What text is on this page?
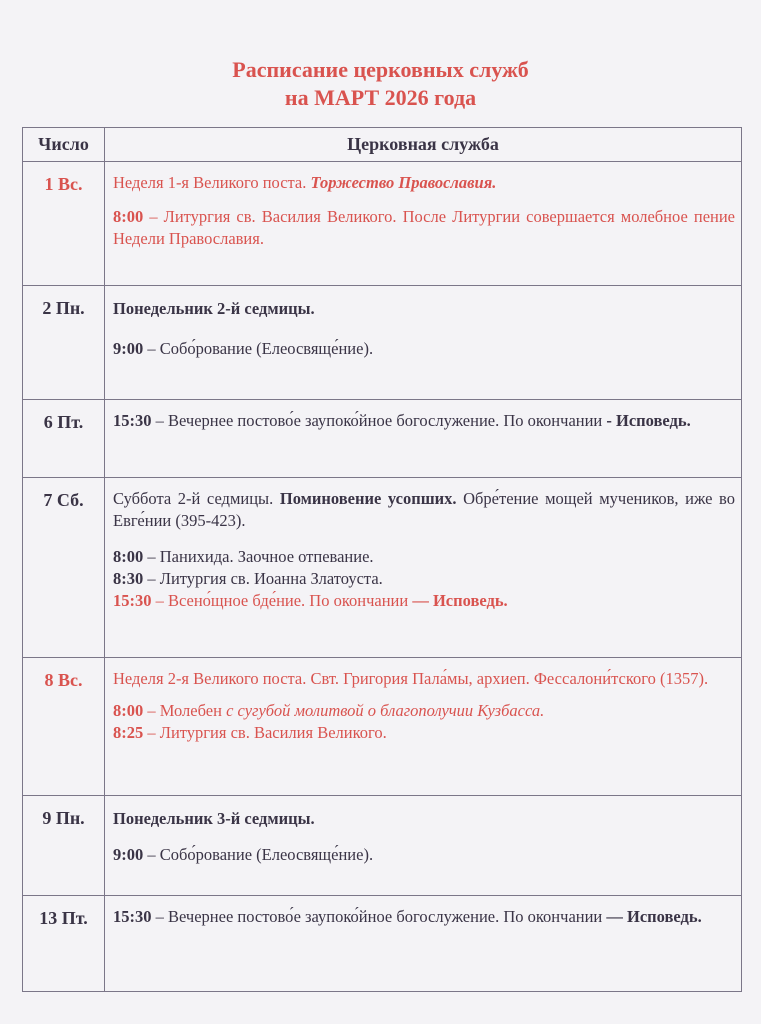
Расписание церковных служб
на МАРТ 2026 года
Число	Церковная служба
1 Вс.	Неделя 1-я Великого поста. Торжество Православия.

8:00 – Литургия св. Василия Великого. После Литургии совершается молебное пение Недели Православия.

2 Пн.	Понедельник 2-й седмицы.

9:00 – Собо́рование (Елеосвяще́ние).

6 Пт.	15:30 – Вечернее постово́е заупоко́йное богослужение. По окончании - Исповедь.

7 Сб.	Суббота 2-й седмицы. Поминовение усопших. Обре́тение мощей мучеников, иже во Евге́нии (395-423).

8:00 – Панихида. Заочное отпевание.

8:30 – Литургия св. Иоанна Златоуста.

15:30 – Всено́щное бде́ние. По окончании — Исповедь.

8 Вс.	Неделя 2-я Великого поста. Свт. Григория Пала́мы, архиеп. Фессалони́тского (1357).

8:00 – Молебен с сугубой молитвой о благополучии Кузбасса.

8:25 – Литургия св. Василия Великого.

9 Пн.	Понедельник 3-й седмицы.

9:00 – Собо́рование (Елеосвяще́ние).

13 Пт.	15:30 – Вечернее постово́е заупоко́йное богослужение. По окончании — Исповедь.
